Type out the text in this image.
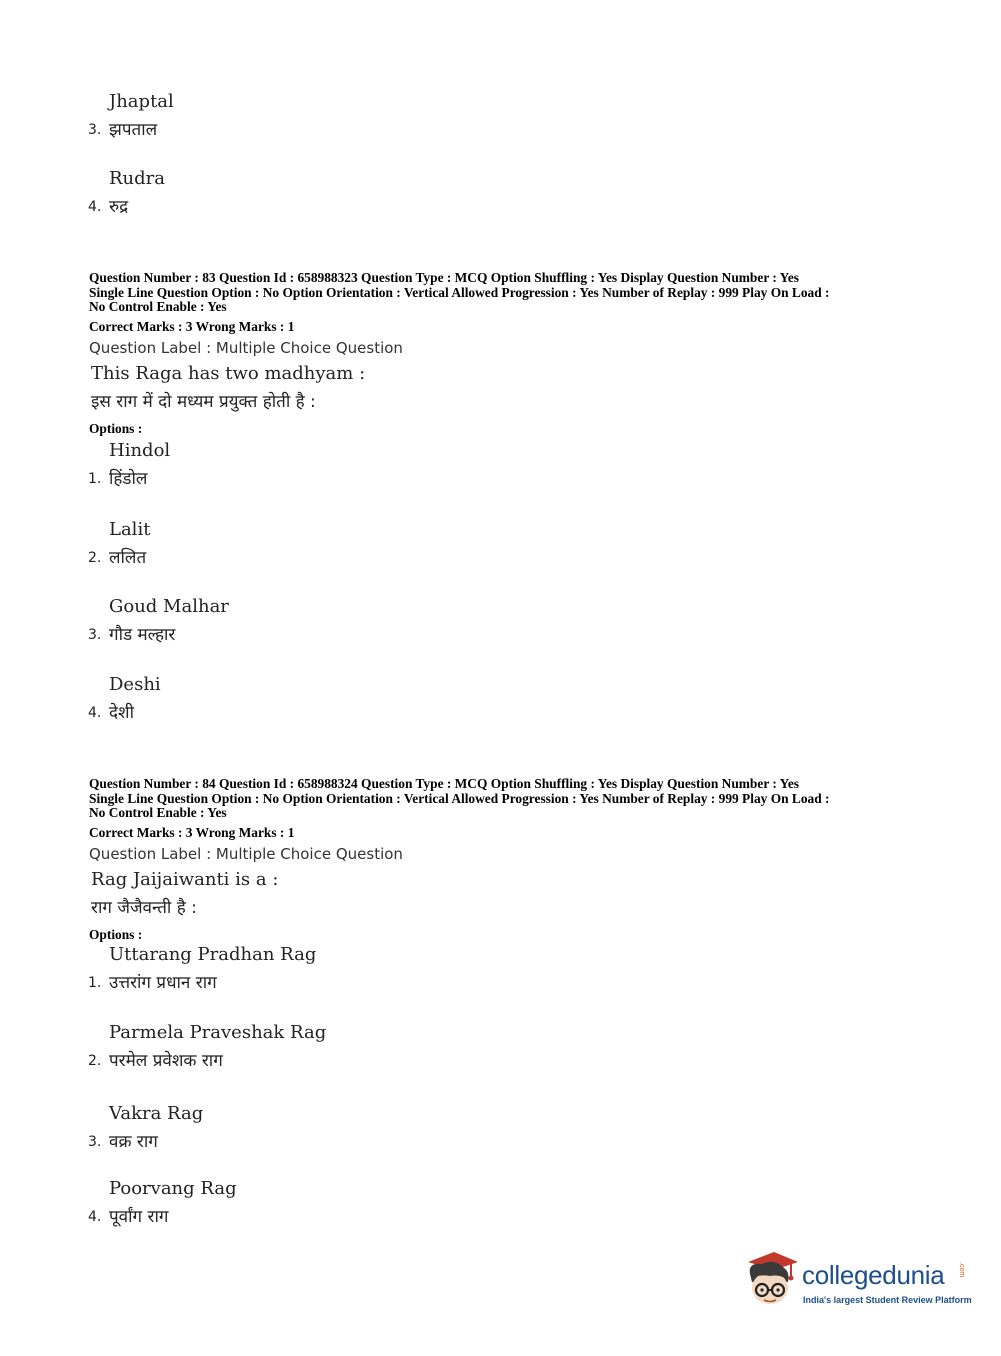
Jhaptal
3. झपताल
Rudra
4. रुद्र
Question Number : 83 Question Id : 658988323 Question Type : MCQ Option Shuffling : Yes Display Question Number : Yes
Single Line Question Option : No Option Orientation : Vertical Allowed Progression : Yes Number of Replay : 999 Play On Load :
No Control Enable : Yes
Correct Marks : 3 Wrong Marks : 1
Question Label : Multiple Choice Question
This Raga has two madhyam :
इस राग में दो मध्यम प्रयुक्त होती है :
Options :
Hindol
1. हिंडोल
Lalit
2. ललित
Goud Malhar
3. गौड मल्हार
Deshi
4. देशी
Question Number : 84 Question Id : 658988324 Question Type : MCQ Option Shuffling : Yes Display Question Number : Yes
Single Line Question Option : No Option Orientation : Vertical Allowed Progression : Yes Number of Replay : 999 Play On Load :
No Control Enable : Yes
Correct Marks : 3 Wrong Marks : 1
Question Label : Multiple Choice Question
Rag Jaijaiwanti is a :
राग जैजैवन्ती है :
Options :
Uttarang Pradhan Rag
1. उत्तरांग प्रधान राग
Parmela Praveshak Rag
2. परमेल प्रवेशक राग
Vakra Rag
3. वक्र राग
Poorvang Rag
4. पूर्वांग राग
collegedunia .com
India's largest Student Review Platform
